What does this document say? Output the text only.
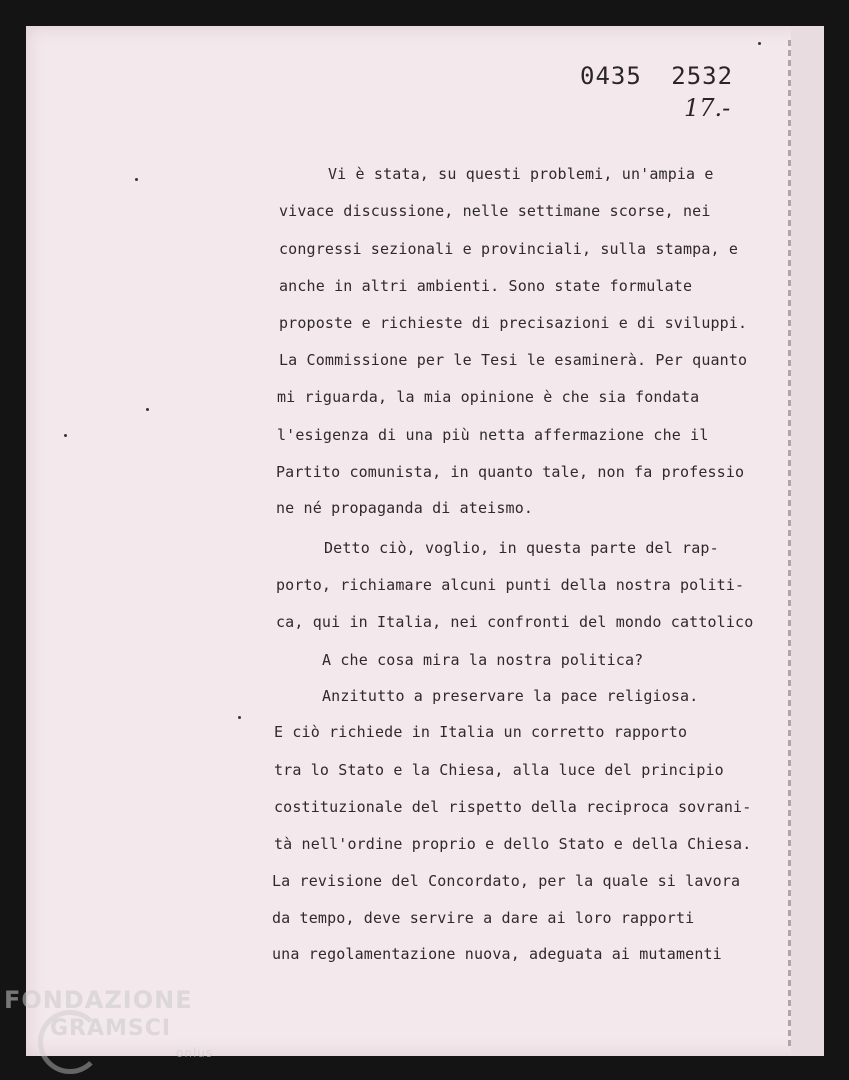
0435 2532
17.-
Vi è stata, su questi problemi, un'ampia e
vivace discussione, nelle settimane scorse, nei
congressi sezionali e provinciali, sulla stampa, e
anche in altri ambienti. Sono state formulate
proposte e richieste di precisazioni e di sviluppi.
La Commissione per le Tesi le esaminerà. Per quanto
mi riguarda, la mia opinione è che sia fondata
l'esigenza di una più netta affermazione che il
Partito comunista, in quanto tale, non fa professio
ne né propaganda di ateismo.
Detto ciò, voglio, in questa parte del rap-
porto, richiamare alcuni punti della nostra politi-
ca, qui in Italia, nei confronti del mondo cattolico
A che cosa mira la nostra politica?
Anzitutto a preservare la pace religiosa.
E ciò richiede in Italia un corretto rapporto
tra lo Stato e la Chiesa, alla luce del principio
costituzionale del rispetto della reciproca sovrani-
tà nell'ordine proprio e dello Stato e della Chiesa.
La revisione del Concordato, per la quale si lavora
da tempo, deve servire a dare ai loro rapporti
una regolamentazione nuova, adeguata ai mutamenti
FONDAZIONE
GRAMSCI
onlus
